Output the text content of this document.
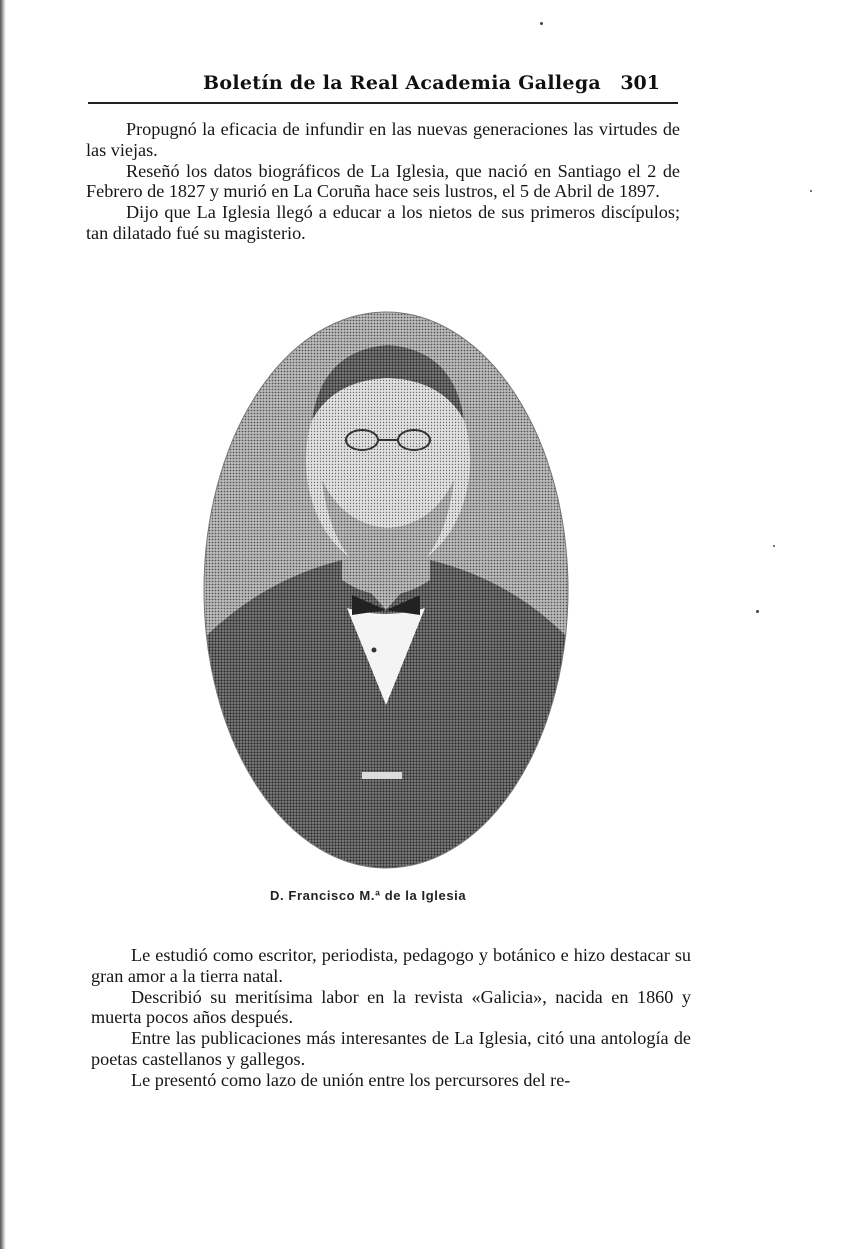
Boletín de la Real Academia Gallega 301

Propugnó la eficacia de infundir en las nuevas generaciones las virtudes de las viejas.

Reseñó los datos biográficos de La Iglesia, que nació en Santiago el 2 de Febrero de 1827 y murió en La Coruña hace seis lustros, el 5 de Abril de 1897.

Dijo que La Iglesia llegó a educar a los nietos de sus primeros discípulos; tan dilatado fué su magisterio.

D. Francisco M.ª de la Iglesia

Le estudió como escritor, periodista, pedagogo y botánico e hizo destacar su gran amor a la tierra natal.

Describió su meritísima labor en la revista «Galicia», nacida en 1860 y muerta pocos años después.

Entre las publicaciones más interesantes de La Iglesia, citó una antología de poetas castellanos y gallegos.

Le presentó como lazo de unión entre los percursores del re-
